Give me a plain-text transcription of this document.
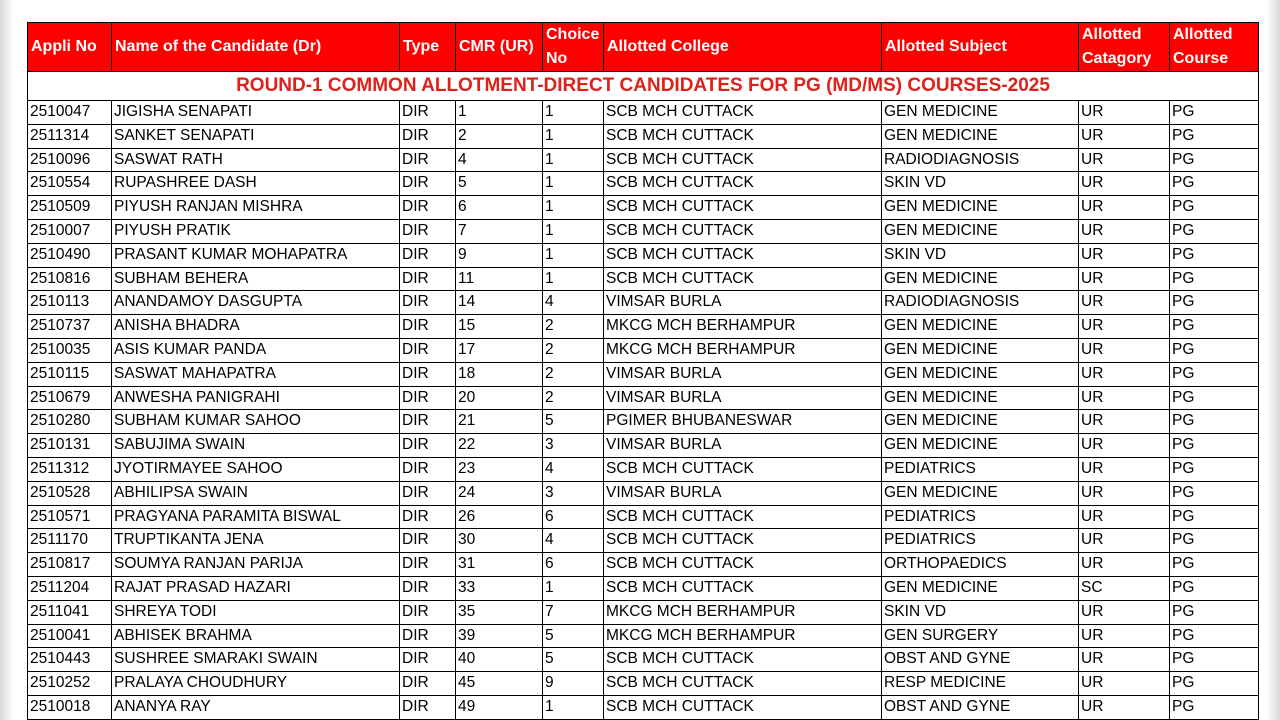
Appli No	Name of the Candidate (Dr)	Type	CMR (UR)	Choice No	Allotted College	Allotted Subject	Allotted Catagory	Allotted Course
ROUND-1 COMMON ALLOTMENT-DIRECT CANDIDATES FOR PG (MD/MS) COURSES-2025								
2510047	JIGISHA SENAPATI	DIR	1	1	SCB MCH CUTTACK	GEN MEDICINE	UR	PG
2511314	SANKET SENAPATI	DIR	2	1	SCB MCH CUTTACK	GEN MEDICINE	UR	PG
2510096	SASWAT RATH	DIR	4	1	SCB MCH CUTTACK	RADIODIAGNOSIS	UR	PG
2510554	RUPASHREE DASH	DIR	5	1	SCB MCH CUTTACK	SKIN VD	UR	PG
2510509	PIYUSH RANJAN MISHRA	DIR	6	1	SCB MCH CUTTACK	GEN MEDICINE	UR	PG
2510007	PIYUSH PRATIK	DIR	7	1	SCB MCH CUTTACK	GEN MEDICINE	UR	PG
2510490	PRASANT KUMAR MOHAPATRA	DIR	9	1	SCB MCH CUTTACK	SKIN VD	UR	PG
2510816	SUBHAM BEHERA	DIR	11	1	SCB MCH CUTTACK	GEN MEDICINE	UR	PG
2510113	ANANDAMOY DASGUPTA	DIR	14	4	VIMSAR BURLA	RADIODIAGNOSIS	UR	PG
2510737	ANISHA BHADRA	DIR	15	2	MKCG MCH BERHAMPUR	GEN MEDICINE	UR	PG
2510035	ASIS KUMAR PANDA	DIR	17	2	MKCG MCH BERHAMPUR	GEN MEDICINE	UR	PG
2510115	SASWAT MAHAPATRA	DIR	18	2	VIMSAR BURLA	GEN MEDICINE	UR	PG
2510679	ANWESHA PANIGRAHI	DIR	20	2	VIMSAR BURLA	GEN MEDICINE	UR	PG
2510280	SUBHAM KUMAR SAHOO	DIR	21	5	PGIMER BHUBANESWAR	GEN MEDICINE	UR	PG
2510131	SABUJIMA SWAIN	DIR	22	3	VIMSAR BURLA	GEN MEDICINE	UR	PG
2511312	JYOTIRMAYEE SAHOO	DIR	23	4	SCB MCH CUTTACK	PEDIATRICS	UR	PG
2510528	ABHILIPSA SWAIN	DIR	24	3	VIMSAR BURLA	GEN MEDICINE	UR	PG
2510571	PRAGYANA PARAMITA BISWAL	DIR	26	6	SCB MCH CUTTACK	PEDIATRICS	UR	PG
2511170	TRUPTIKANTA JENA	DIR	30	4	SCB MCH CUTTACK	PEDIATRICS	UR	PG
2510817	SOUMYA RANJAN PARIJA	DIR	31	6	SCB MCH CUTTACK	ORTHOPAEDICS	UR	PG
2511204	RAJAT PRASAD HAZARI	DIR	33	1	SCB MCH CUTTACK	GEN MEDICINE	SC	PG
2511041	SHREYA TODI	DIR	35	7	MKCG MCH BERHAMPUR	SKIN VD	UR	PG
2510041	ABHISEK BRAHMA	DIR	39	5	MKCG MCH BERHAMPUR	GEN SURGERY	UR	PG
2510443	SUSHREE SMARAKI SWAIN	DIR	40	5	SCB MCH CUTTACK	OBST AND GYNE	UR	PG
2510252	PRALAYA CHOUDHURY	DIR	45	9	SCB MCH CUTTACK	RESP MEDICINE	UR	PG
2510018	ANANYA RAY	DIR	49	1	SCB MCH CUTTACK	OBST AND GYNE	UR	PG
